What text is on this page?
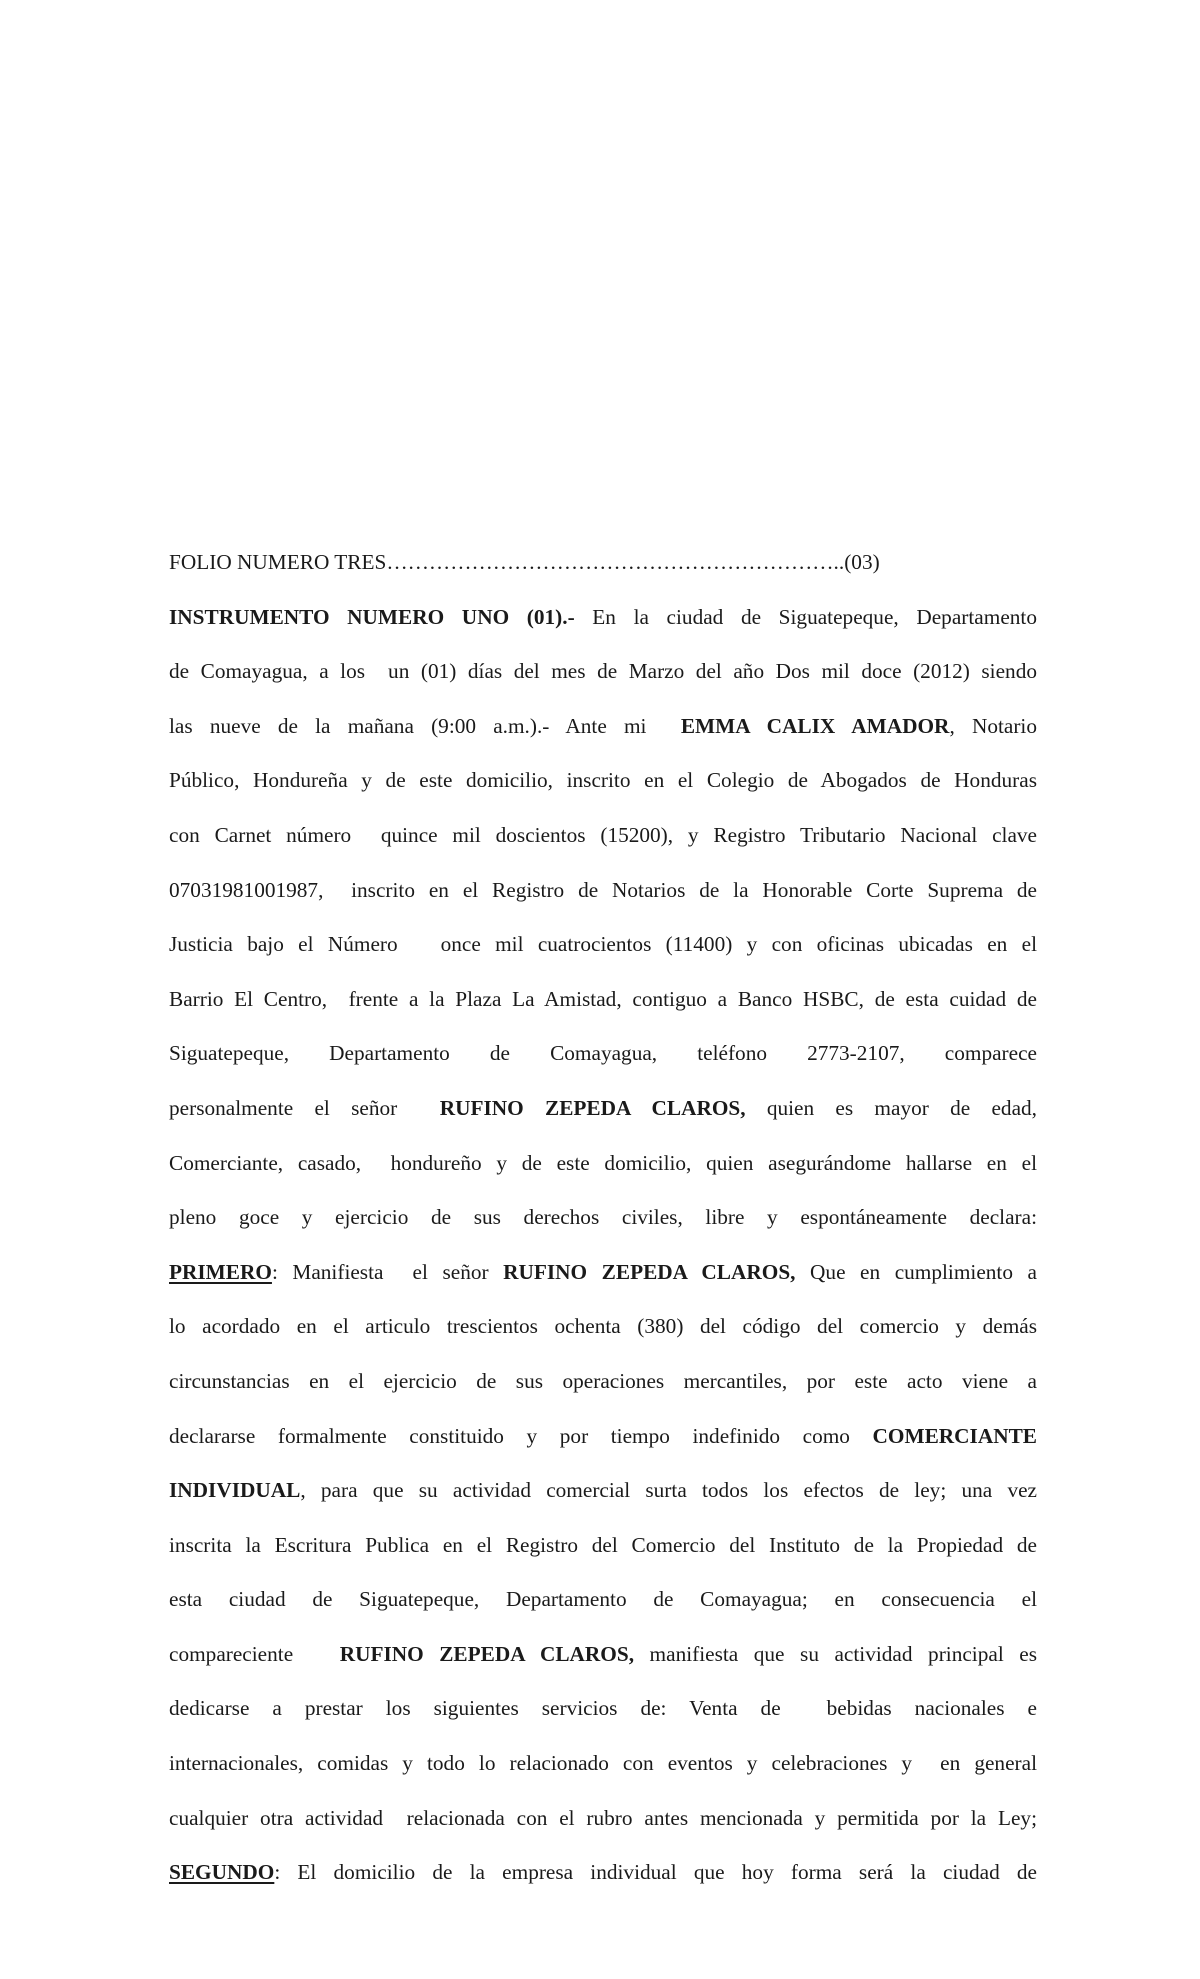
FOLIO NUMERO TRES………………………………………………………..(03)
INSTRUMENTO NUMERO UNO (01).- En la ciudad de Siguatepeque, Departamento
de Comayagua, a los  un (01) días del mes de Marzo del año Dos mil doce (2012) siendo
las nueve de la mañana (9:00 a.m.).- Ante mi  EMMA CALIX AMADOR, Notario
Público, Hondureña y de este domicilio, inscrito en el Colegio de Abogados de Honduras
con Carnet número  quince mil doscientos (15200), y Registro Tributario Nacional clave
07031981001987,  inscrito en el Registro de Notarios de la Honorable Corte Suprema de
Justicia bajo el Número   once mil cuatrocientos (11400) y con oficinas ubicadas en el
Barrio El Centro,  frente a la Plaza La Amistad, contiguo a Banco HSBC, de esta cuidad de
Siguatepeque, Departamento de Comayagua, teléfono 2773-2107, comparece
personalmente el señor  RUFINO ZEPEDA CLAROS, quien es mayor de edad,
Comerciante, casado,  hondureño y de este domicilio, quien asegurándome hallarse en el
pleno goce y ejercicio de sus derechos civiles, libre y espontáneamente declara:
PRIMERO: Manifiesta  el señor RUFINO ZEPEDA CLAROS, Que en cumplimiento a
lo acordado en el articulo trescientos ochenta (380) del código del comercio y demás
circunstancias en el ejercicio de sus operaciones mercantiles, por este acto viene a
declararse formalmente constituido y por tiempo indefinido como COMERCIANTE
INDIVIDUAL, para que su actividad comercial surta todos los efectos de ley; una vez
inscrita la Escritura Publica en el Registro del Comercio del Instituto de la Propiedad de
esta ciudad de Siguatepeque, Departamento de Comayagua; en consecuencia el
compareciente   RUFINO ZEPEDA CLAROS, manifiesta que su actividad principal es
dedicarse a prestar los siguientes servicios de: Venta de  bebidas nacionales e
internacionales, comidas y todo lo relacionado con eventos y celebraciones y  en general
cualquier otra actividad  relacionada con el rubro antes mencionada y permitida por la Ley;
SEGUNDO: El domicilio de la empresa individual que hoy forma será la ciudad de
